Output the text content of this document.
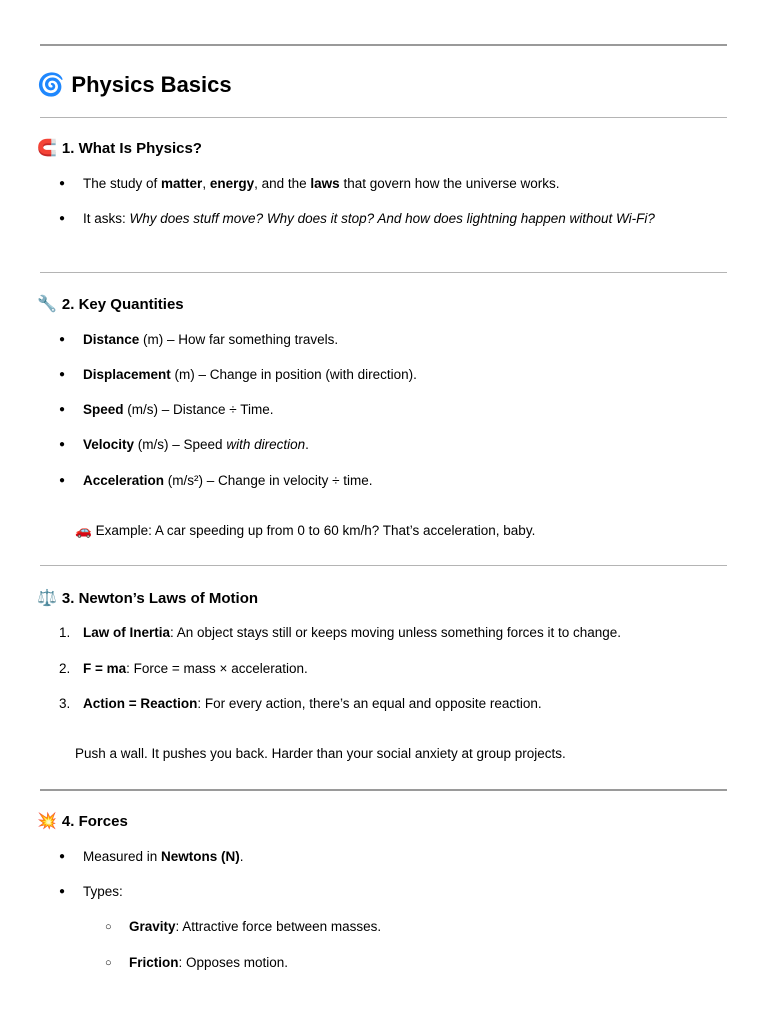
🌀 Physics Basics
🧲 1. What Is Physics?
● The study of matter, energy, and the laws that govern how the universe works.
● It asks: Why does stuff move? Why does it stop? And how does lightning happen without Wi-Fi?
🔧 2. Key Quantities
● Distance (m) – How far something travels.
● Displacement (m) – Change in position (with direction).
● Speed (m/s) – Distance ÷ Time.
● Velocity (m/s) – Speed with direction.
● Acceleration (m/s²) – Change in velocity ÷ time.
🚗 Example: A car speeding up from 0 to 60 km/h? That’s acceleration, baby.
⚖️ 3. Newton’s Laws of Motion
1. Law of Inertia: An object stays still or keeps moving unless something forces it to change.
2. F = ma: Force = mass × acceleration.
3. Action = Reaction: For every action, there’s an equal and opposite reaction.
Push a wall. It pushes you back. Harder than your social anxiety at group projects.
💥 4. Forces
● Measured in Newtons (N).
● Types:
○ Gravity: Attractive force between masses.
○ Friction: Opposes motion.
